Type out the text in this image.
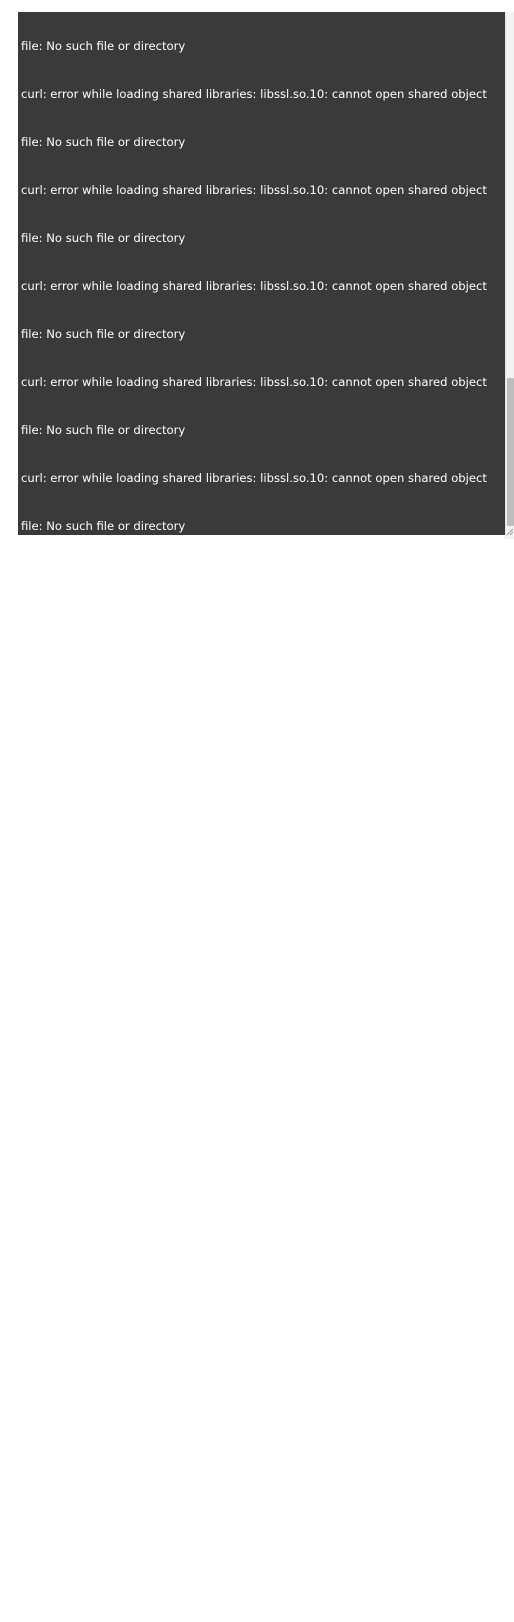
file: No such file or directory

curl: error while loading shared libraries: libssl.so.10: cannot open shared object

file: No such file or directory

curl: error while loading shared libraries: libssl.so.10: cannot open shared object

file: No such file or directory

curl: error while loading shared libraries: libssl.so.10: cannot open shared object

file: No such file or directory

curl: error while loading shared libraries: libssl.so.10: cannot open shared object

file: No such file or directory

curl: error while loading shared libraries: libssl.so.10: cannot open shared object

file: No such file or directory

curl: error while loading shared libraries: libssl.so.10: cannot open shared object

file: No such file or directory

wget: /usr/local/openssl/lib/libcrypto.so.1.0.0: no version information available

(required by wget)

wget: /usr/local/openssl/lib/libssl.so.1.0.0: no version information available

(required by wget)

wget: /usr/local/openssl/lib/libssl.so.1.0.0: no version information available

(required by wget)

--2020-06-04 16:34:14--  http://download.bt.cn/install/0/nginx.sh

Resolving download.bt.cn (download.bt.cn)... 103.224.251.67,

2001:19f0:7001:54fc:5400:2ff:fe9b:97f9, 2001:19f0:4400:5138:5400:2ff:fe1f:10f2

Connecting to download.bt.cn (download.bt.cn)|103.224.251.67|:80... connected.

HTTP request sent, awaiting response... 200 OK

Length: 15615 (15K) [application/octet-stream]

Saving to:   ‘nginx.sh’

0K .......... .....                                                    100% 4.50M=0.003s

2020-06-04 16:34:14 (4.50 MB/s) -   ‘nginx.sh’   saved [15615/15615]

/www/server/panel/install/public.sh: line 58: 6.68173e+09-6.68173e+09: syntax

error: invalid arithmetic operator (error token is ".68173e+09-6.68173e+09")
